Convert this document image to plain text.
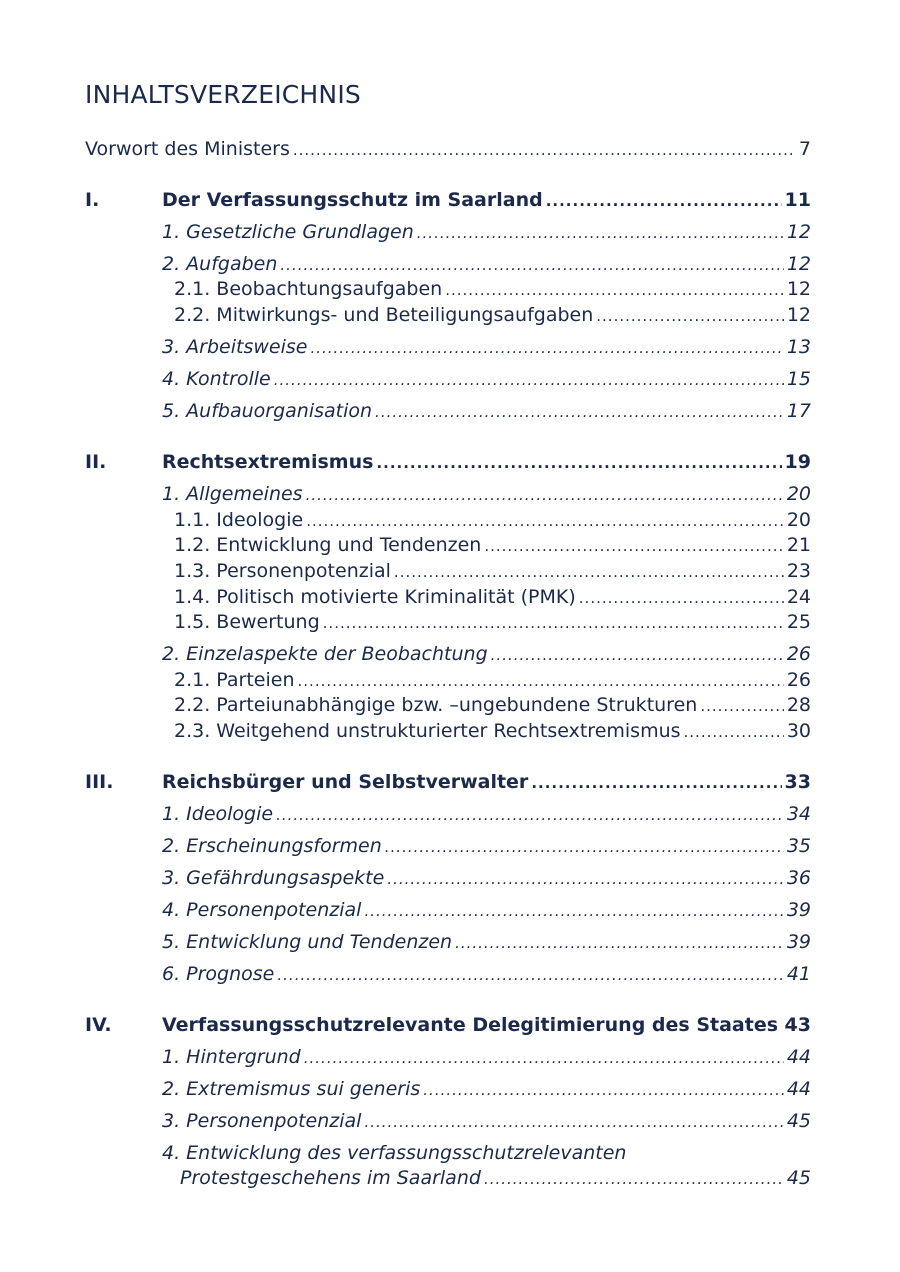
INHALTSVERZEICHNIS
Vorwort des Ministers .....	7
I.	Der Verfassungsschutz im Saarland .....	11
1. Gesetzliche Grundlagen .....	12
2. Aufgaben .....	12
2.1. Beobachtungsaufgaben .....	12
2.2. Mitwirkungs- und Beteiligungsaufgaben .....	12
3. Arbeitsweise .....	13
4. Kontrolle .....	15
5. Aufbauorganisation .....	17
II.	Rechtsextremismus .....	19
1. Allgemeines .....	20
1.1. Ideologie .....	20
1.2. Entwicklung und Tendenzen .....	21
1.3. Personenpotenzial .....	23
1.4. Politisch motivierte Kriminalität (PMK) .....	24
1.5. Bewertung .....	25
2. Einzelaspekte der Beobachtung .....	26
2.1. Parteien .....	26
2.2. Parteiunabhängige bzw. –ungebundene Strukturen .....	28
2.3. Weitgehend unstrukturierter Rechtsextremismus .....	30
III.	Reichsbürger und Selbstverwalter .....	33
1. Ideologie .....	34
2. Erscheinungsformen .....	35
3. Gefährdungsaspekte .....	36
4. Personenpotenzial .....	39
5. Entwicklung und Tendenzen .....	39
6. Prognose .....	41
IV.	Verfassungsschutzrelevante Delegitimierung des Staates ..... 43
1. Hintergrund .....	44
2. Extremismus sui generis .....	44
3. Personenpotenzial .....	45
4. Entwicklung des verfassungsschutzrelevanten
Protestgeschehens im Saarland .....	45
